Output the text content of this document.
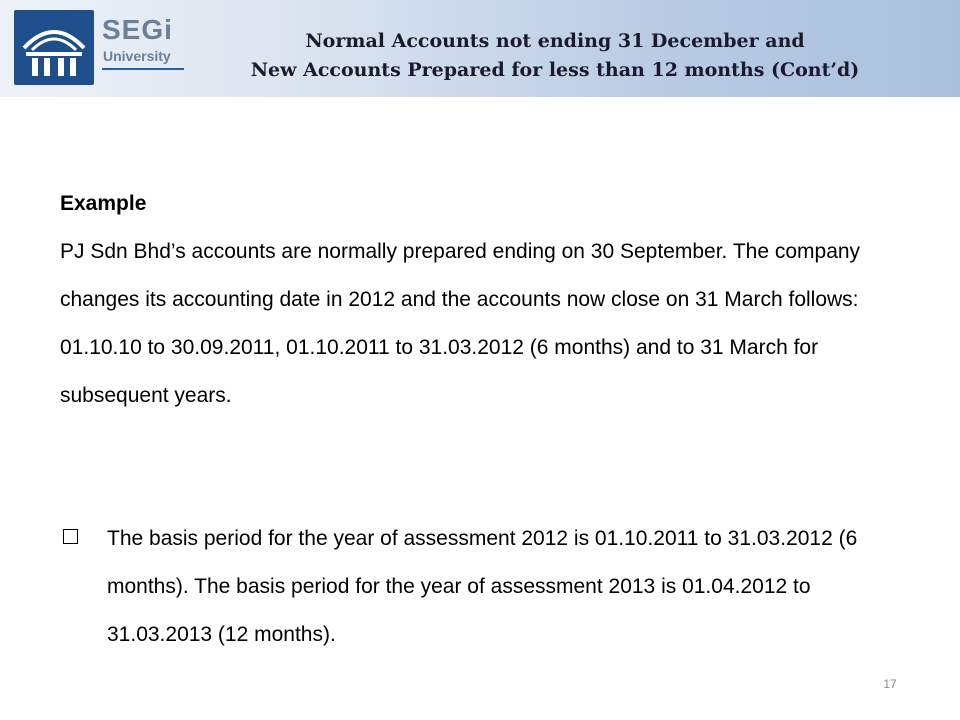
SEGi
University
Normal Accounts not ending 31 December and
New Accounts Prepared for less than 12 months (Cont’d)
Example
PJ Sdn Bhd’s accounts are normally prepared ending on 30 September. The company changes its accounting date in 2012 and the accounts now close on 31 March follows: 01.10.10 to 30.09.2011, 01.10.2011 to 31.03.2012 (6 months) and to 31 March for subsequent years.
The basis period for the year of assessment 2012 is 01.10.2011 to 31.03.2012 (6 months). The basis period for the year of assessment 2013 is 01.04.2012 to 31.03.2013 (12 months).
17
